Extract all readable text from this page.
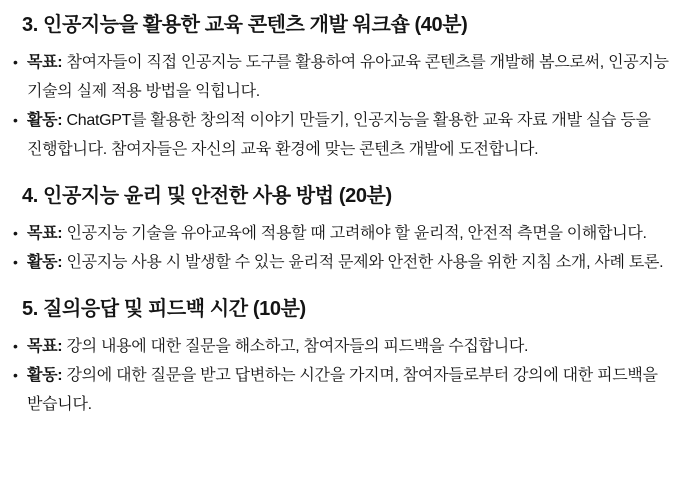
3. 인공지능을 활용한 교육 콘텐츠 개발 워크숍 (40분)
• 목표: 참여자들이 직접 인공지능 도구를 활용하여 유아교육 콘텐츠를 개발해 봄으로써, 인공지능 기술의 실제 적용 방법을 익힙니다.
• 활동: ChatGPT를 활용한 창의적 이야기 만들기, 인공지능을 활용한 교육 자료 개발 실습 등을 진행합니다. 참여자들은 자신의 교육 환경에 맞는 콘텐츠 개발에 도전합니다.
4. 인공지능 윤리 및 안전한 사용 방법 (20분)
• 목표: 인공지능 기술을 유아교육에 적용할 때 고려해야 할 윤리적, 안전적 측면을 이해합니다.
• 활동: 인공지능 사용 시 발생할 수 있는 윤리적 문제와 안전한 사용을 위한 지침 소개, 사례 토론.
5. 질의응답 및 피드백 시간 (10분)
• 목표: 강의 내용에 대한 질문을 해소하고, 참여자들의 피드백을 수집합니다.
• 활동: 강의에 대한 질문을 받고 답변하는 시간을 가지며, 참여자들로부터 강의에 대한 피드백을 받습니다.
